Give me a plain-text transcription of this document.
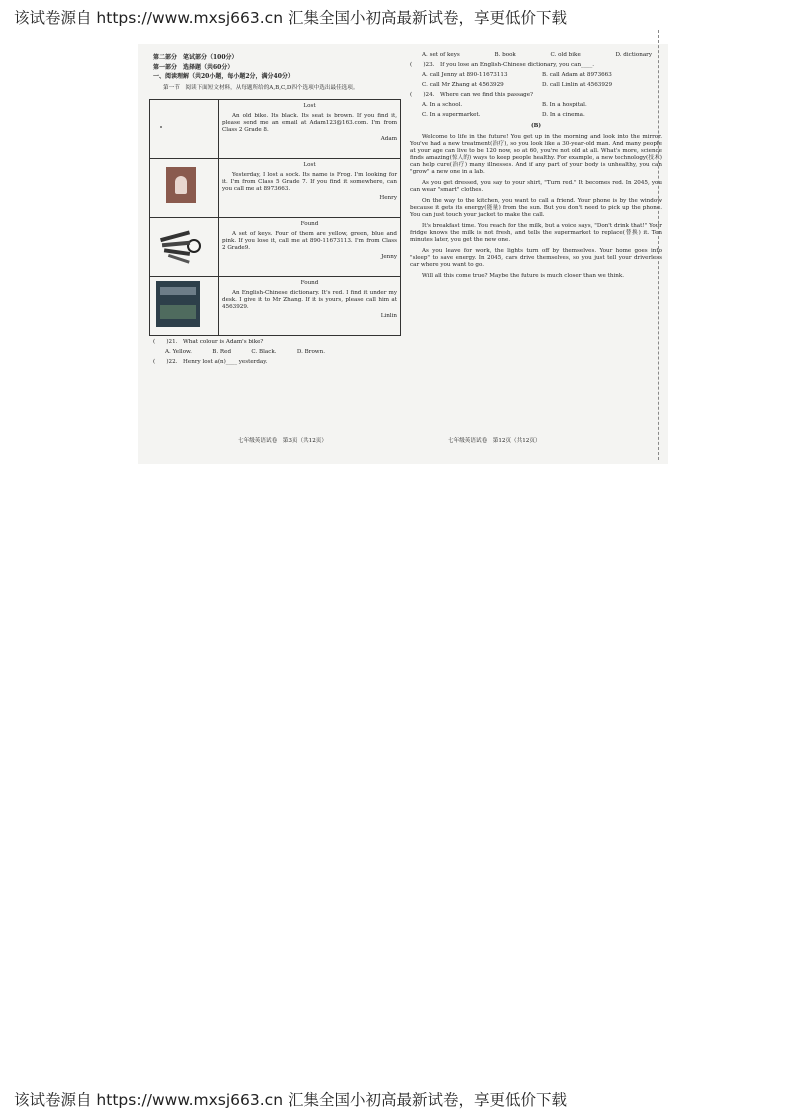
该试卷源自 https://www.mxsj663.cn 汇集全国小初高最新试卷，享更低价下载
第二部分　笔试部分（100分）
第一部分　选择题（共60分）
一、阅读理解（共20小题，每小题2分，满分40分）
第一节　阅读下面短文材料，从每题所给的A,B,C,D四个选项中选出最佳选项。

	Lost
An old bike. Its black. Its seat is brown. If you find it, please send me an email at Adam123@163.com. I'm from Class 2 Grade 8.
Adam

	Lost
Yesterday, I lost a sock. Its name is Frog. I'm looking for it. I'm from Class 5 Grade 7. If you find it somewhere, can you call me at 8973663.
Henry

Found
A set of keys. Four of them are yellow, green, blue and pink. If you lose it, call me at 890-11673113. I'm from Class 2 Grade9.
Jenny

	Found
An English-Chinese dictionary. It's red. I find it under my desk. I give it to Mr Zhang. If it is yours, please call him at 4563929.
Linlin
(　　)21.　What colour is Adam's bike?
A. Yellow.	B. Red	C. Black.	D. Brown.
(　　)22.　Henry lost a(n)____ yesterday.
A. set of keys	B. book	C. old bike	D. dictionary
(　　)23.　If you lose an English-Chinese dictionary, you can____.
A. call Jenny at 890-11673113	B. call Adam at 8973663
C. call Mr Zhang at 4563929	D. call Linlin at 4563929
(　　)24.　Where can we find this passage?
A. In a school.	B. In a hospital.
C. In a supermarket.	D. In a cinema.
(B)

Welcome to life in the future! You get up in the morning and look into the mirror. You've had a new treatment(治疗), so you look like a 30-year-old man. And many people at your age can live to be 120 now, so at 60, you're not old at all. What's more, science finds amazing(惊人的) ways to keep people healthy. For example, a new technology(技术) can help cure(治疗) many illnesses. And if any part of your body is unhealthy, you can "grow" a new one in a lab.

As you get dressed, you say to your shirt, "Turn red." It becomes red. In 2045, you can wear "smart" clothes.

On the way to the kitchen, you want to call a friend. Your phone is by the window because it gets its energy(能量) from the sun. But you don't need to pick up the phone. You can just touch your jacket to make the call.

It's breakfast time. You reach for the milk, but a voice says, "Don't drink that!" Your fridge knows the milk is not fresh, and tells the supermarket to replace(替换) it. Ten minutes later, you get the new one.

As you leave for work, the lights turn off by themselves. Your home goes into "sleep" to save energy. In 2045, cars drive themselves, so you just tell your driverless car where you want to go.

Will all this come true? Maybe the future is much closer than we think.

七年级英语试卷　第3页（共12页）	七年级英语试卷　第12页（共12页）
该试卷源自 https://www.mxsj663.cn 汇集全国小初高最新试卷，享更低价下载
